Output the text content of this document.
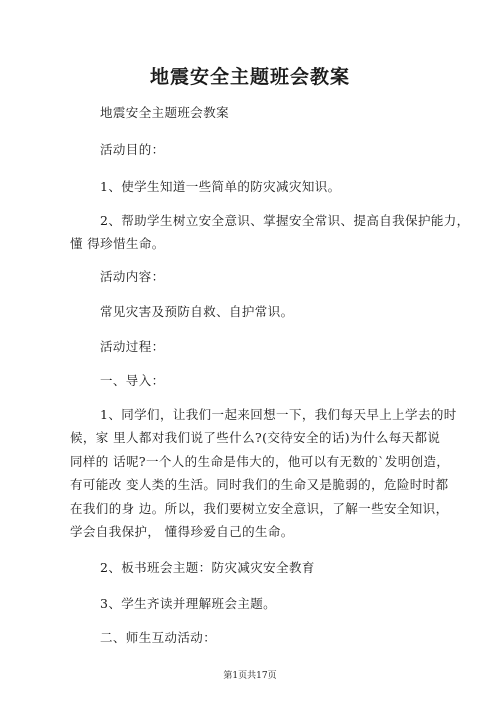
地震安全主题班会教案
地震安全主题班会教案
活动目的：
1、使学生知道一些简单的防灾减灾知识。
2、帮助学生树立安全意识、掌握安全常识、提高自我保护能力，
懂 得珍惜生命。
活动内容：
常见灾害及预防自救、自护常识。
活动过程：
一、导入：
1、同学们，让我们一起来回想一下，我们每天早上上学去的时
候，家 里人都对我们说了些什么?(交待安全的话)为什么每天都说
同样的 话呢?一个人的生命是伟大的，他可以有无数的`发明创造，
有可能改 变人类的生活。同时我们的生命又是脆弱的，危险时时都
在我们的身 边。所以，我们要树立安全意识，了解一些安全知识，
学会自我保护， 懂得珍爱自己的生命。
2、板书班会主题：防灾减灾安全教育
3、学生齐读并理解班会主题。
二、师生互动活动：
第1页共17页
